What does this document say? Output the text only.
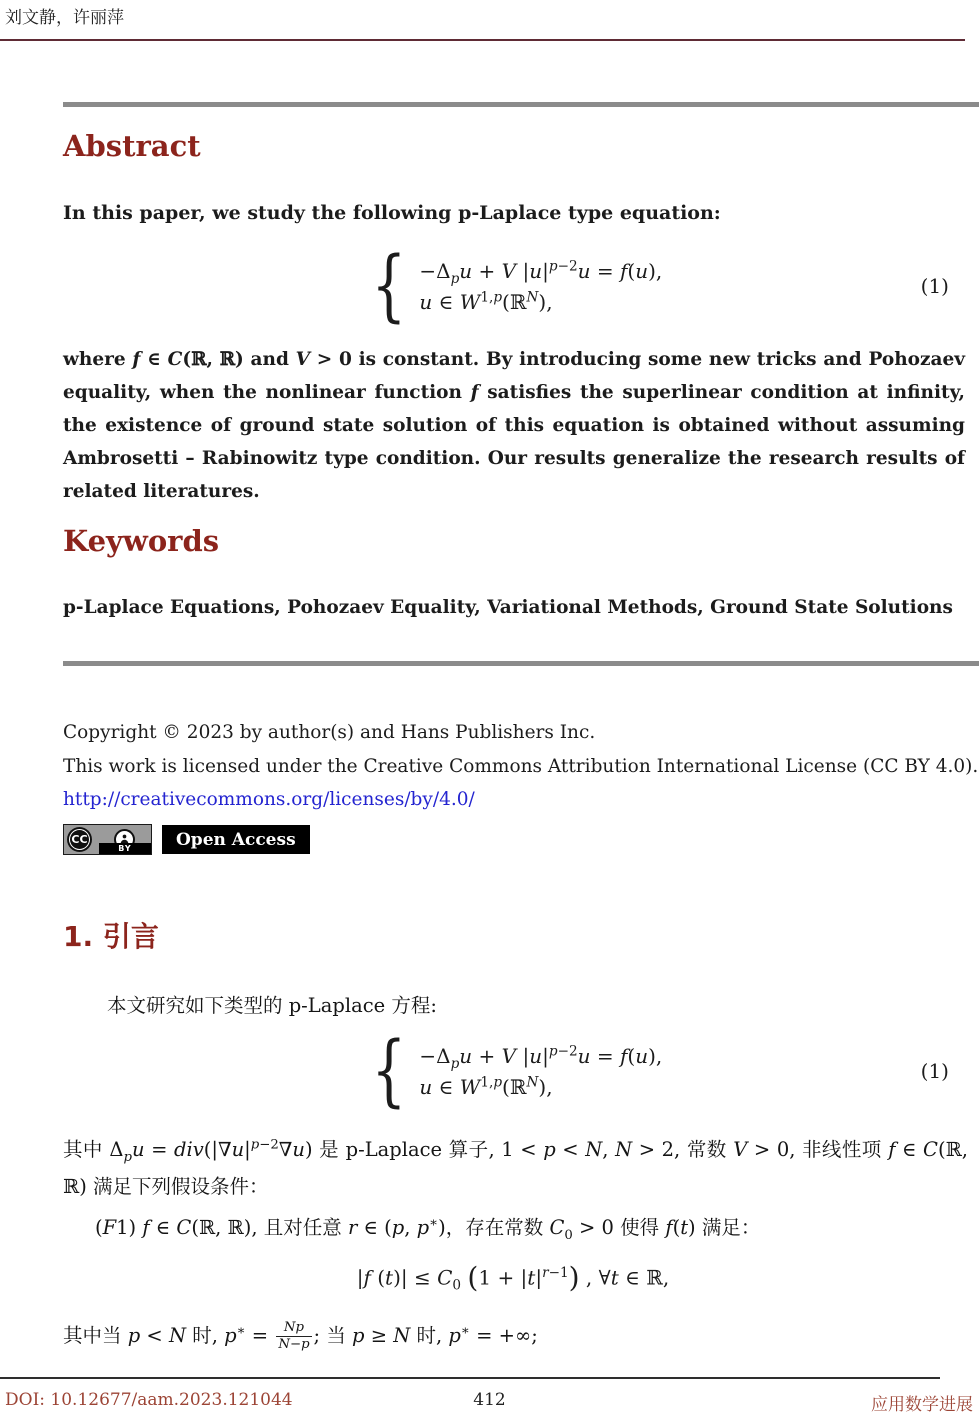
刘文静，许丽萍
Abstract
In this paper, we study the following p-Laplace type equation:
{ $-\Delta_pu + V$ $|u|^{p-2}u = f(u)$,
u ∈ W$^{1,p}$(ℝ$^N$),
(1)
where f ∈ C(ℝ, ℝ) and V > 0 is constant. By introducing some new tricks and Pohozaev equality, when the nonlinear function f satisfies the superlinear condition at infinity, the existence of ground state solution of this equation is obtained without assuming Ambrosetti – Rabinowitz type condition. Our results generalize the research results of related literatures.
Keywords
p-Laplace Equations, Pohozaev Equality, Variational Methods, Ground State Solutions
Copyright © 2023 by author(s) and Hans Publishers Inc.
This work is licensed under the Creative Commons Attribution International License (CC BY 4.0).
http://creativecommons.org/licenses/by/4.0/
CC
BY	Open Access
1. 引言
本文研究如下类型的 p-Laplace 方程:
{ $-\Delta_pu + V$ $|u|^{p-2}u = f(u)$,
u ∈ W$^{1,p}$(ℝ$^N$),
(1)
其中 $\Delta_pu = div(|\nabla u|^{p-2}\nabla u)$ 是 p-Laplace 算子, 1 < p < N, N > 2, 常数 V > 0, 非线性项 f ∈ C(ℝ, ℝ) 满足下列假设条件：
(F1) f ∈ C(ℝ, ℝ), 且对任意 r ∈ (p, p∗)，存在常数 $C_0 > 0$ 使得 f(t) 满足：
|f $(t)| \le C_0$ $(1 + |t|^{r-1})$ , ∀t ∈ ℝ,
其中当 p < N 时, $p^∗ = \frac{Np}{N-p}$ ; 当 p ≥ N 时, p∗ = +∞;
DOI: 10.12677/aam.2023.121044	412	应用数学进展
